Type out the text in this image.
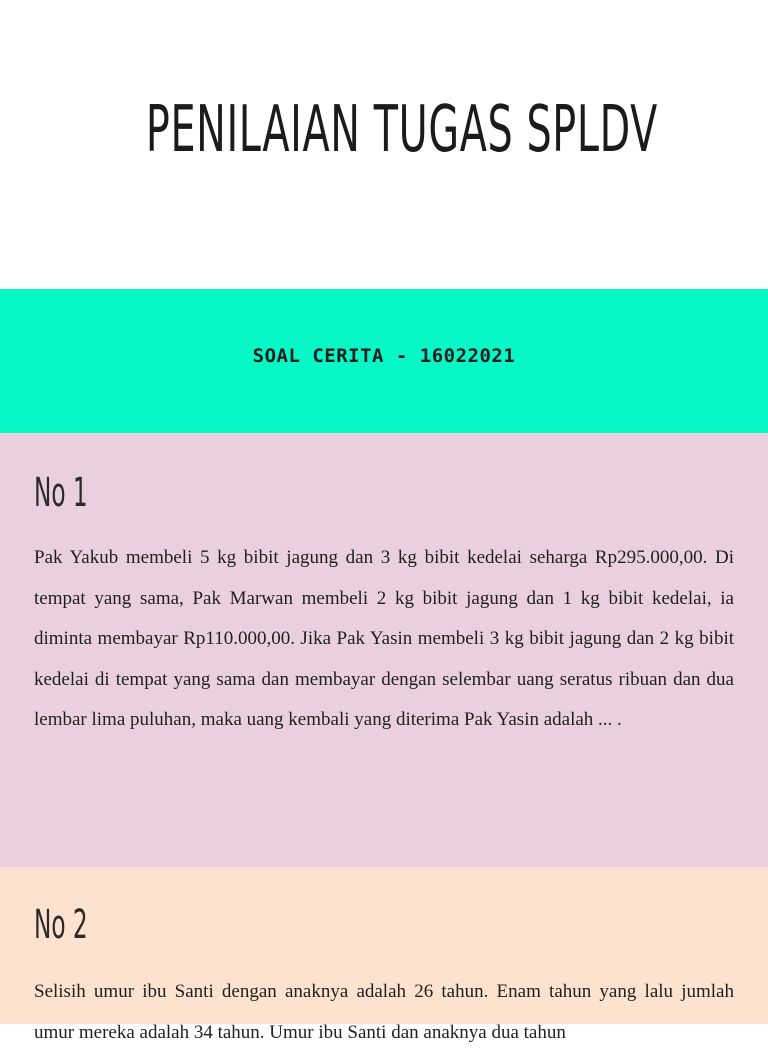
PENILAIAN TUGAS SPLDV
SOAL CERITA - 16022021
No 1

Pak Yakub membeli 5 kg bibit jagung dan 3 kg bibit kedelai seharga Rp295.000,00. Di tempat yang sama, Pak Marwan membeli 2 kg bibit jagung dan 1 kg bibit kedelai, ia diminta membayar Rp110.000,00. Jika Pak Yasin membeli 3 kg bibit jagung dan 2 kg bibit kedelai di tempat yang sama dan membayar dengan selembar uang seratus ribuan dan dua lembar lima puluhan, maka uang kembali yang diterima Pak Yasin adalah ... .

No 2

Selisih umur ibu Santi dengan anaknya adalah 26 tahun. Enam tahun yang lalu jumlah umur mereka adalah 34 tahun. Umur ibu Santi dan anaknya dua tahun
